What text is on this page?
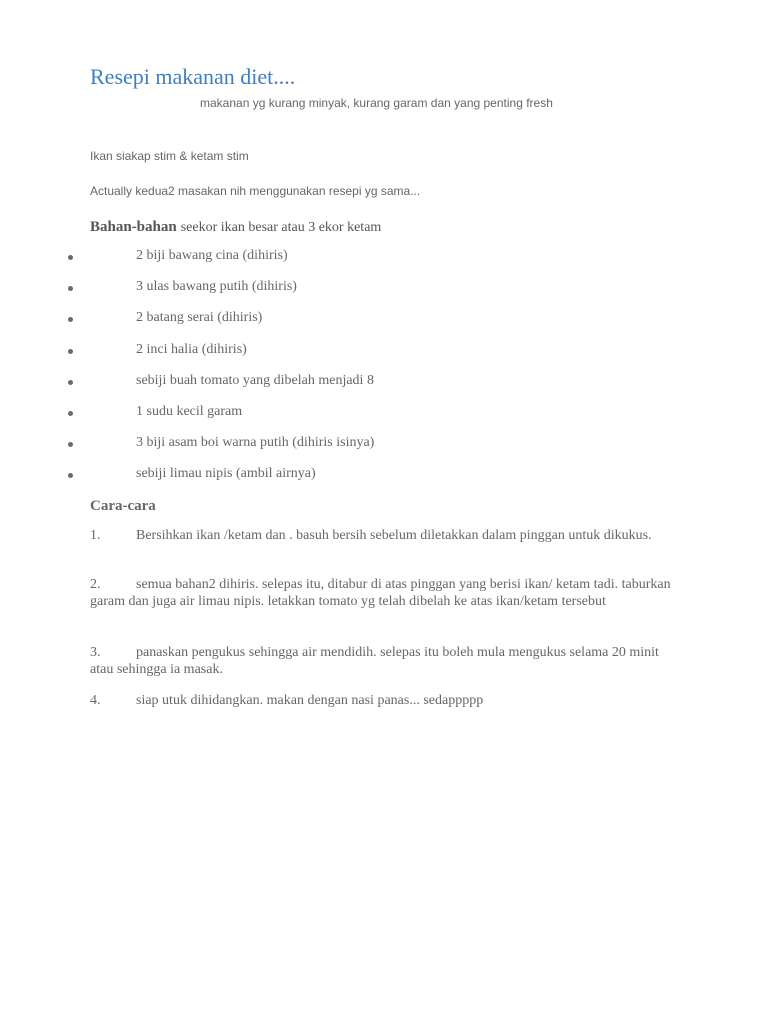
Resepi makanan diet....
makanan yg kurang minyak, kurang garam dan yang penting fresh
Ikan siakap stim & ketam stim
Actually kedua2 masakan nih menggunakan resepi yg sama...
Bahan-bahan seekor ikan besar atau 3 ekor ketam
2 biji bawang cina (dihiris)
3 ulas bawang putih (dihiris)
2 batang serai (dihiris)
2 inci halia (dihiris)
sebiji buah tomato yang dibelah menjadi 8
1 sudu kecil garam
3 biji asam boi warna putih (dihiris isinya)
sebiji limau nipis (ambil airnya)
Cara-cara
1.	Bersihkan ikan /ketam dan . basuh bersih sebelum diletakkan dalam pinggan untuk dikukus.
2.	semua bahan2 dihiris. selepas itu, ditabur di atas pinggan yang berisi ikan/ ketam tadi. taburkan garam dan juga air limau nipis. letakkan tomato yg telah dibelah ke atas ikan/ketam tersebut
3.	panaskan pengukus sehingga air mendidih. selepas itu boleh mula mengukus selama 20 minit atau sehingga ia masak.
4.	siap utuk dihidangkan. makan dengan nasi panas... sedappppp
